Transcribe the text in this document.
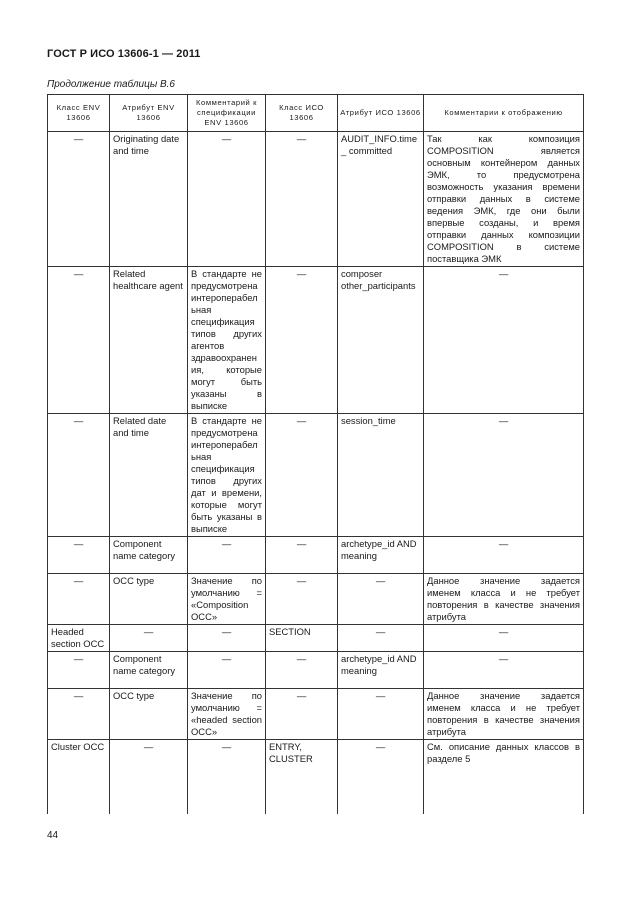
ГОСТ Р ИСО 13606-1 — 2011
Продолжение таблицы В.6
Класс ENV 13606	Атрибут ENV 13606	Комментарий к спецификации ENV 13606	Класс ИСО 13606	Атрибут ИСО 13606	Комментарии к отображению
—	Originating date and time	—	—	AUDIT_INFO.time_ committed	Так как композиция COMPOSITION является основным контейнером данных ЭМК, то предусмотрена возможность указания времени отправки данных в системе ведения ЭМК, где они были впервые созданы, и время отправки данных композиции COMPOSITION в системе поставщика ЭМК
—	Related healthcare agent	В стандарте не предусмотрена интероперабельная спецификация типов других агентов здравоохранения, которые могут быть указаны в выписке	—	composer other_participants	—
—	Related date and time	В стандарте не предусмотрена интероперабельная спецификация типов других дат и времени, которые могут быть указаны в выписке	—	session_time	—
—	Component name category	—	—	archetype_id AND meaning	—
—	OCC type	Значение по умолчанию = «Composition OCC»	—	—	Данное значение задается именем класса и не требует повторения в качестве значения атрибута
Headed section OCC	—	—	SECTION	—	—
—	Component name category	—	—	archetype_id AND meaning	—
—	OCC type	Значение по умолчанию = «headed section OCC»	—	—	Данное значение задается именем класса и не требует повторения в качестве значения атрибута
Cluster OCC	—	—	ENTRY, CLUSTER	—	См. описание данных классов в разделе 5
44
